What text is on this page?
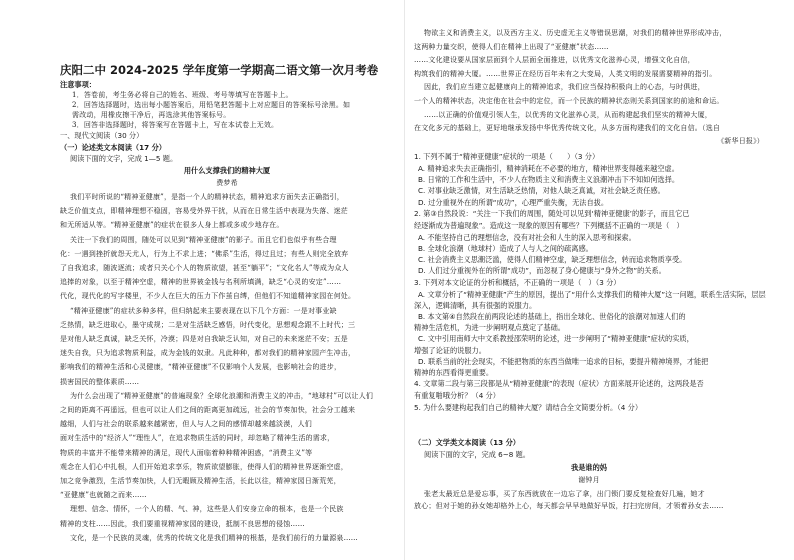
庆阳二中 2024-2025 学年度第一学期高二语文第一次月考卷
注意事项：
1．答卷前，考生务必将自己的姓名、班级、考号等填写在答题卡上。
2．回答选择题时，选出每小题答案后，用铅笔把答题卡上对应题目的答案标号涂黑。如
需改动，用橡皮擦干净后，再选涂其他答案标号。
3．回答非选择题时，将答案写在答题卡上，写在本试卷上无效。
一、现代文阅读（30 分）
（一）论述类文本阅读（17 分）
阅读下面的文字，完成 1—5 题。
用什么支撑我们的精神大厦
费梦希
我们平时所说的“精神亚健康”，是指一个人的精神状态，精神追求方面失去正确指引，
缺乏价值支点，即精神理想不稳固，容易受外界干扰，从而在日常生活中表现为失落、迷茫
和无所适从等。“精神亚健康”的症状在很多人身上都或多或少地存在。
关注一下我们的周围，随处可以见到“精神亚健康”的影子。而且它们也似乎有些合理
化：一遇到挫折就怨天尤人，行为上不求上进；“佛系”生活，得过且过；有些人则完全放弃
了自我追求，随波逐流；或者只关心个人的物质欲望，甚至“躺平”；“文化名人”等成为众人
追捧的对象，以至于精神空虚，精神的世界被金钱与名利所填满，缺乏“心灵的安定”……
代化，现代化的写字楼里，不少人在巨大的压力下作茧自缚，但他们不知道精神家园在何处。
“精神亚健康”的症状多种多样，但归纳起来主要表现在以下几个方面：一是对事业缺
乏热情，缺乏进取心，墨守成规；二是对生活缺乏感悟，时代变化，思想观念跟不上时代；三
是对他人缺乏真诚，缺乏关怀，冷漠；四是对自我缺乏认知，对自己的未来迷茫不安；五是
迷失自我，只为追求物质利益，成为金钱的奴隶。凡此种种，都对我们的精神家园产生冲击，
影响我们的精神生活和心灵健康，“精神亚健康”不仅影响个人发展，也影响社会的进步，
损害国民的整体素质……
为什么会出现了“精神亚健康”的普遍现象？全球化浪潮和消费主义的冲击，“地球村”可以让人们
之间的距离不再遥远，但也可以让人们之间的距离更加疏远，社会的节奏加快，社会分工越来
越细，人们与社会的联系越来越紧密，但人与人之间的感情却越来越淡漠，人们
面对生活中的“经济人”“理性人”，在追求物质生活的同时，却忽略了精神生活的需求，
物质的丰富并不能带来精神的满足，现代人面临着种种精神困惑，“消费主义”等
观念在人们心中扎根，人们开始追求享乐，物质欲望膨胀，使得人们的精神世界逐渐空虚，
加之竞争激烈，生活节奏加快，人们无暇顾及精神生活，长此以往，精神家园日渐荒芜，
“亚健康”也就随之而来……
理想、信念、情怀，一个人的精、气、神，这些是人们安身立命的根本，也是一个民族
精神的支柱……因此，我们要重视精神家园的建设，抵制不良思想的侵蚀……
文化，是一个民族的灵魂，优秀的传统文化是我们精神的根基，是我们前行的力量源泉……
物欲主义和消费主义，以及西方主义、历史虚无主义等错误思潮，对我们的精神世界形成冲击，
这两种力量交织，使得人们在精神上出现了“亚健康”状态……
……文化建设要从国家层面到个人层面全面推进，以优秀文化滋养心灵，增强文化自信，
构筑我们的精神大厦。……世界正在经历百年未有之大变局，人类文明的发展需要精神的指引。
因此，我们应当建立起健康向上的精神追求，我们应当保持积极向上的心态，与时俱进，
一个人的精神状态，决定他在社会中的定位，而一个民族的精神状态则关系到国家的前途和命运。
……以正确的价值观引领人生，以优秀的文化滋养心灵，从而构建起我们坚实的精神大厦，
在文化多元的基础上，更好地继承发扬中华优秀传统文化，从多方面构建我们的文化自信。（选自
《新华日报》）
1. 下列不属于“精神亚健康”症状的一项是（　　）（3 分）
A. 精神追求失去正确指引，精神消耗在不必要的地方，精神世界变得越来越空虚。
B. 日常的工作和生活中，不少人在物质主义和消费主义浪潮冲击下不知如何选择。
C. 对事业缺乏激情，对生活缺乏热情，对他人缺乏真诚，对社会缺乏责任感。
D. 过分重视外在的所谓“成功”，心理严重失衡，无法自拔。
2. 第③自然段说：“关注一下我们的周围，随处可以见到‘精神亚健康’的影子，而且它已
经逐渐成为普遍现象”。造成这一现象的原因有哪些？下列概括不正确的一项是（　）
A. 不能坚持自己的理想信念，没有对社会和人生的深入思考和探索。
B. 全球化浪潮（地球村）造成了人与人之间的疏离感。
C. 社会消费主义思潮泛滥，使得人们精神空虚，缺乏理想信念，转而追求物质享受。
D. 人们过分重视外在的所谓“成功”，而忽视了身心健康与“身外之物”的关系。
3. 下列对本文论证的分析和概括，不正确的一项是（　）（3 分）
A. 文章分析了“精神亚健康”产生的原因，提出了“用什么支撑我们的精神大厦”这一问题，联系生活实际，层层
深入，逻辑清晰，具有很强的说服力。
B. 本文第④自然段在前两段论述的基础上，指出全球化、世俗化的浪潮对加速人们的
精神生活危机，为进一步阐明观点奠定了基础。
C. 文中引用南师大中文系教授邵荣明的论述，进一步阐明了“精神亚健康”症状的实质，
增强了论证的说服力。
D. 联系当前的社会现实，不能把物质的东西当做唯一追求的目标，要提升精神境界，才能把
精神的东西看得更重要。
4. 文章第二段与第三段都是从“精神亚健康”的表现（症状）方面来展开论述的，这两段是否
有重复啪哦分析？（4 分）
5. 为什么要建构起我们自己的精神大厦？请结合全文简要分析。（4 分）
（二）文学类文本阅读（13 分）
阅读下面的文字，完成 6~8 题。
我是谁的妈
谢钟月
张老太最近总是爱忘事，买了东西就放在一边忘了拿，出门锁门要反复检查好几遍，她才
放心；但对于她的孙女她却格外上心，每天都会早早地做好早饭，打扫完房间，才领着孙女去……
